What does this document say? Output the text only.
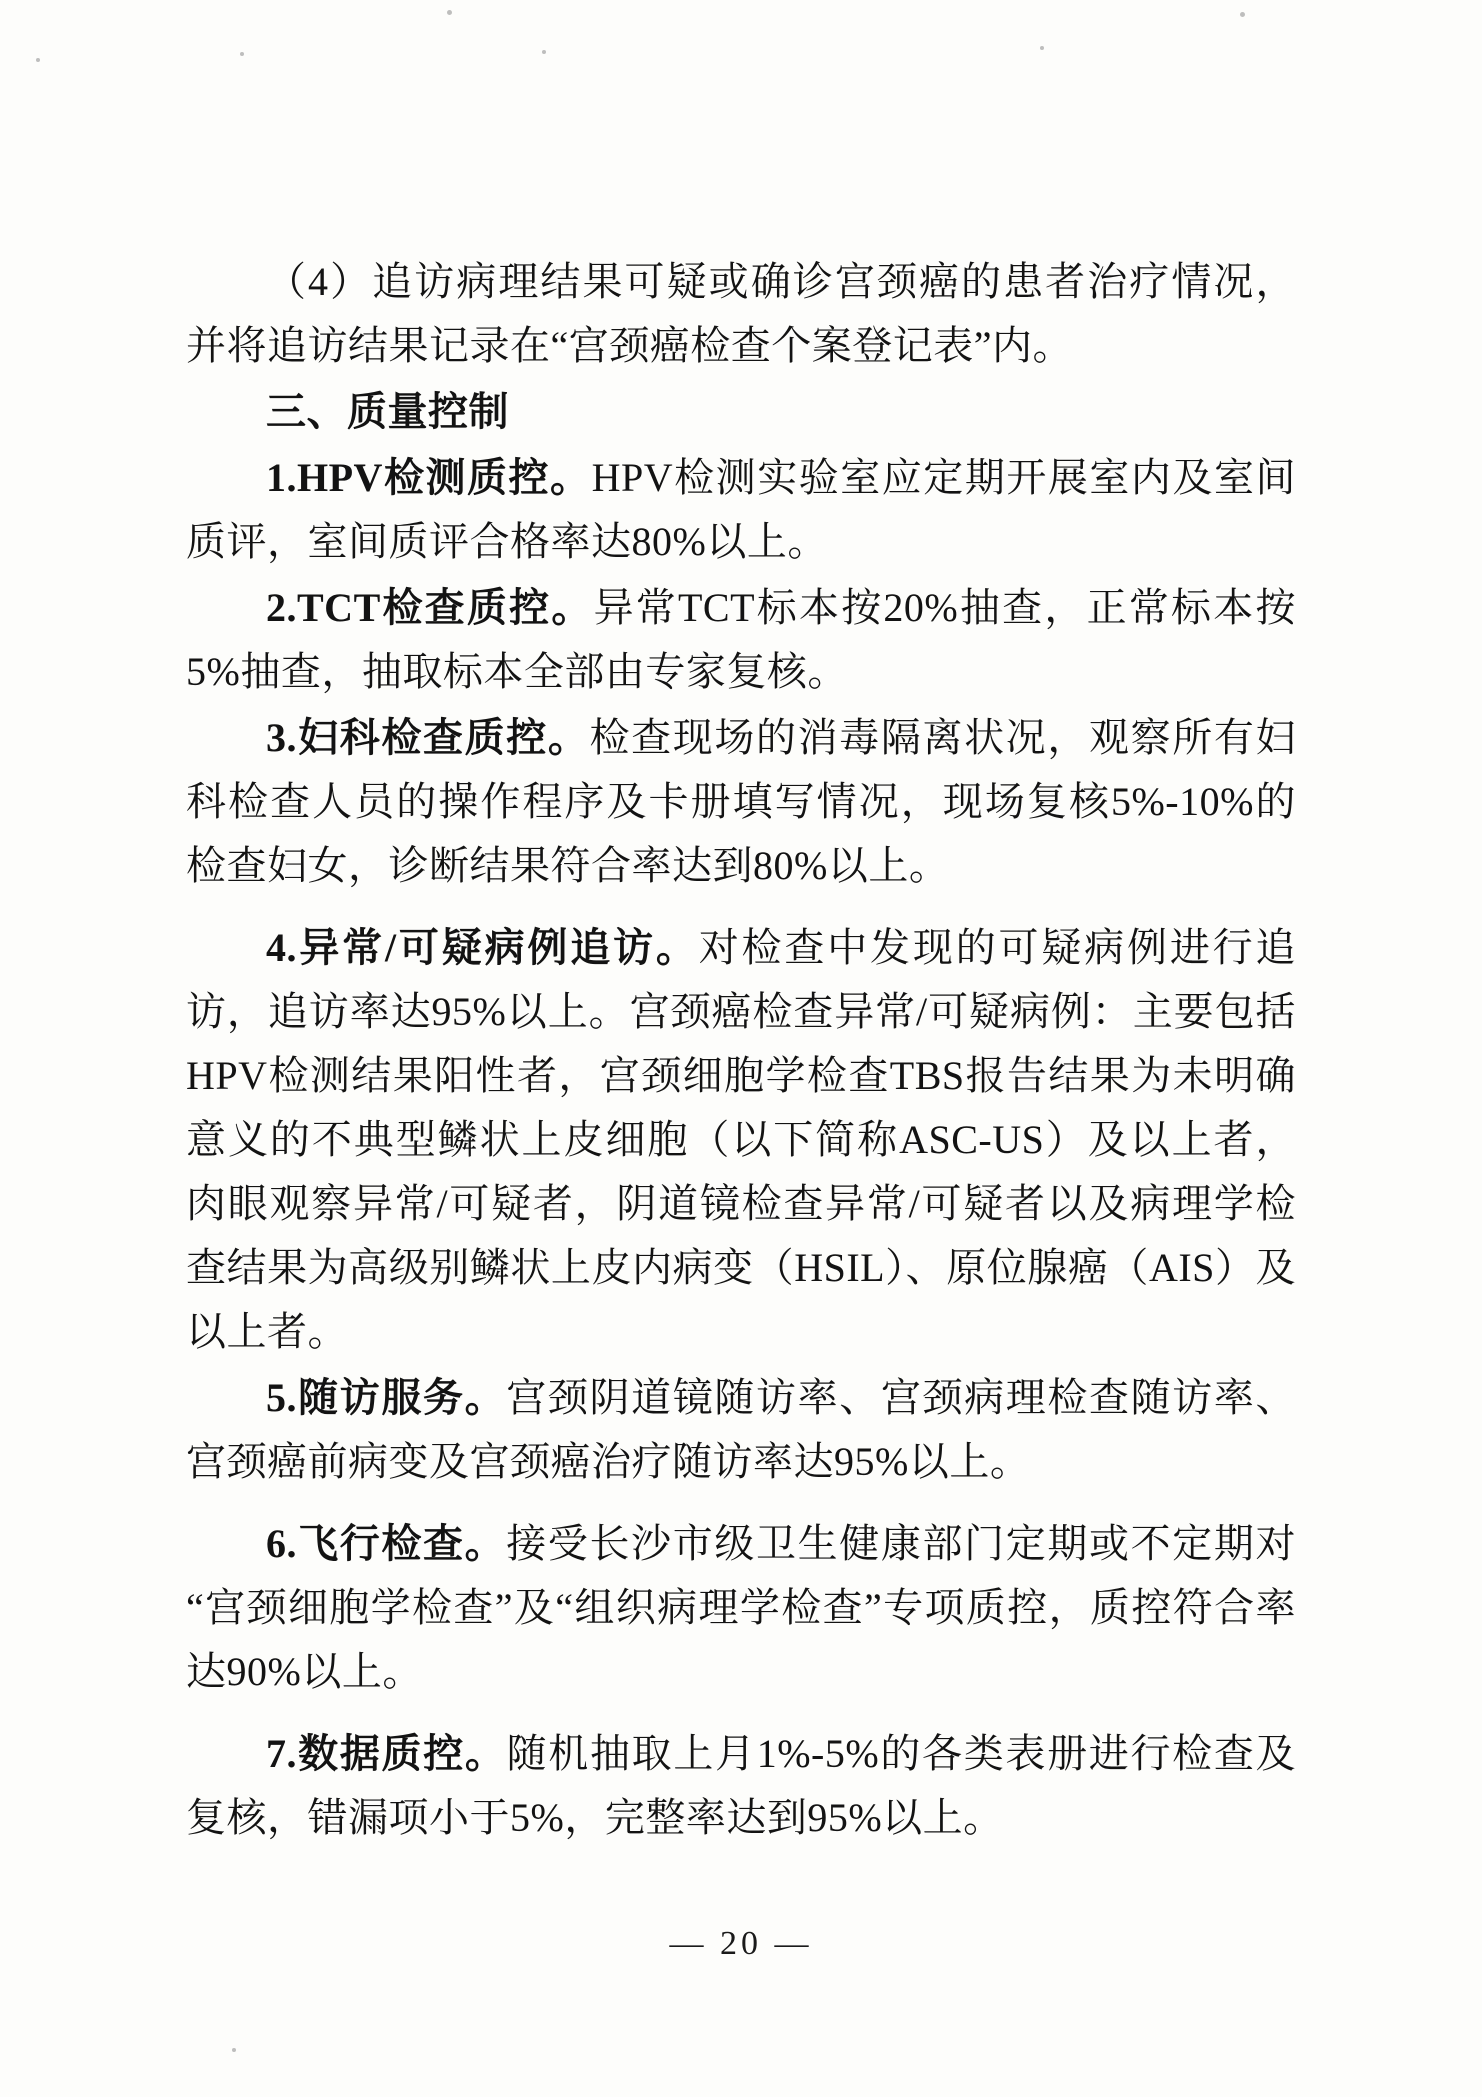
（4）追访病理结果可疑或确诊宫颈癌的患者治疗情况，并将追访结果记录在“宫颈癌检查个案登记表”内。

三、质量控制

1.HPV检测质控。HPV检测实验室应定期开展室内及室间质评，室间质评合格率达80%以上。

2.TCT检查质控。异常TCT标本按20%抽查，正常标本按5%抽查，抽取标本全部由专家复核。

3.妇科检查质控。检查现场的消毒隔离状况，观察所有妇科检查人员的操作程序及卡册填写情况，现场复核5%-10%的检查妇女，诊断结果符合率达到80%以上。

4.异常/可疑病例追访。对检查中发现的可疑病例进行追访，追访率达95%以上。宫颈癌检查异常/可疑病例：主要包括HPV检测结果阳性者，宫颈细胞学检查TBS报告结果为未明确意义的不典型鳞状上皮细胞（以下简称ASC-US）及以上者，肉眼观察异常/可疑者，阴道镜检查异常/可疑者以及病理学检查结果为高级别鳞状上皮内病变（HSIL）、原位腺癌（AIS）及以上者。

5.随访服务。宫颈阴道镜随访率、宫颈病理检查随访率、宫颈癌前病变及宫颈癌治疗随访率达95%以上。

6.飞行检查。接受长沙市级卫生健康部门定期或不定期对“宫颈细胞学检查”及“组织病理学检查”专项质控，质控符合率达90%以上。

7.数据质控。随机抽取上月1%-5%的各类表册进行检查及复核，错漏项小于5%，完整率达到95%以上。

— 20 —
